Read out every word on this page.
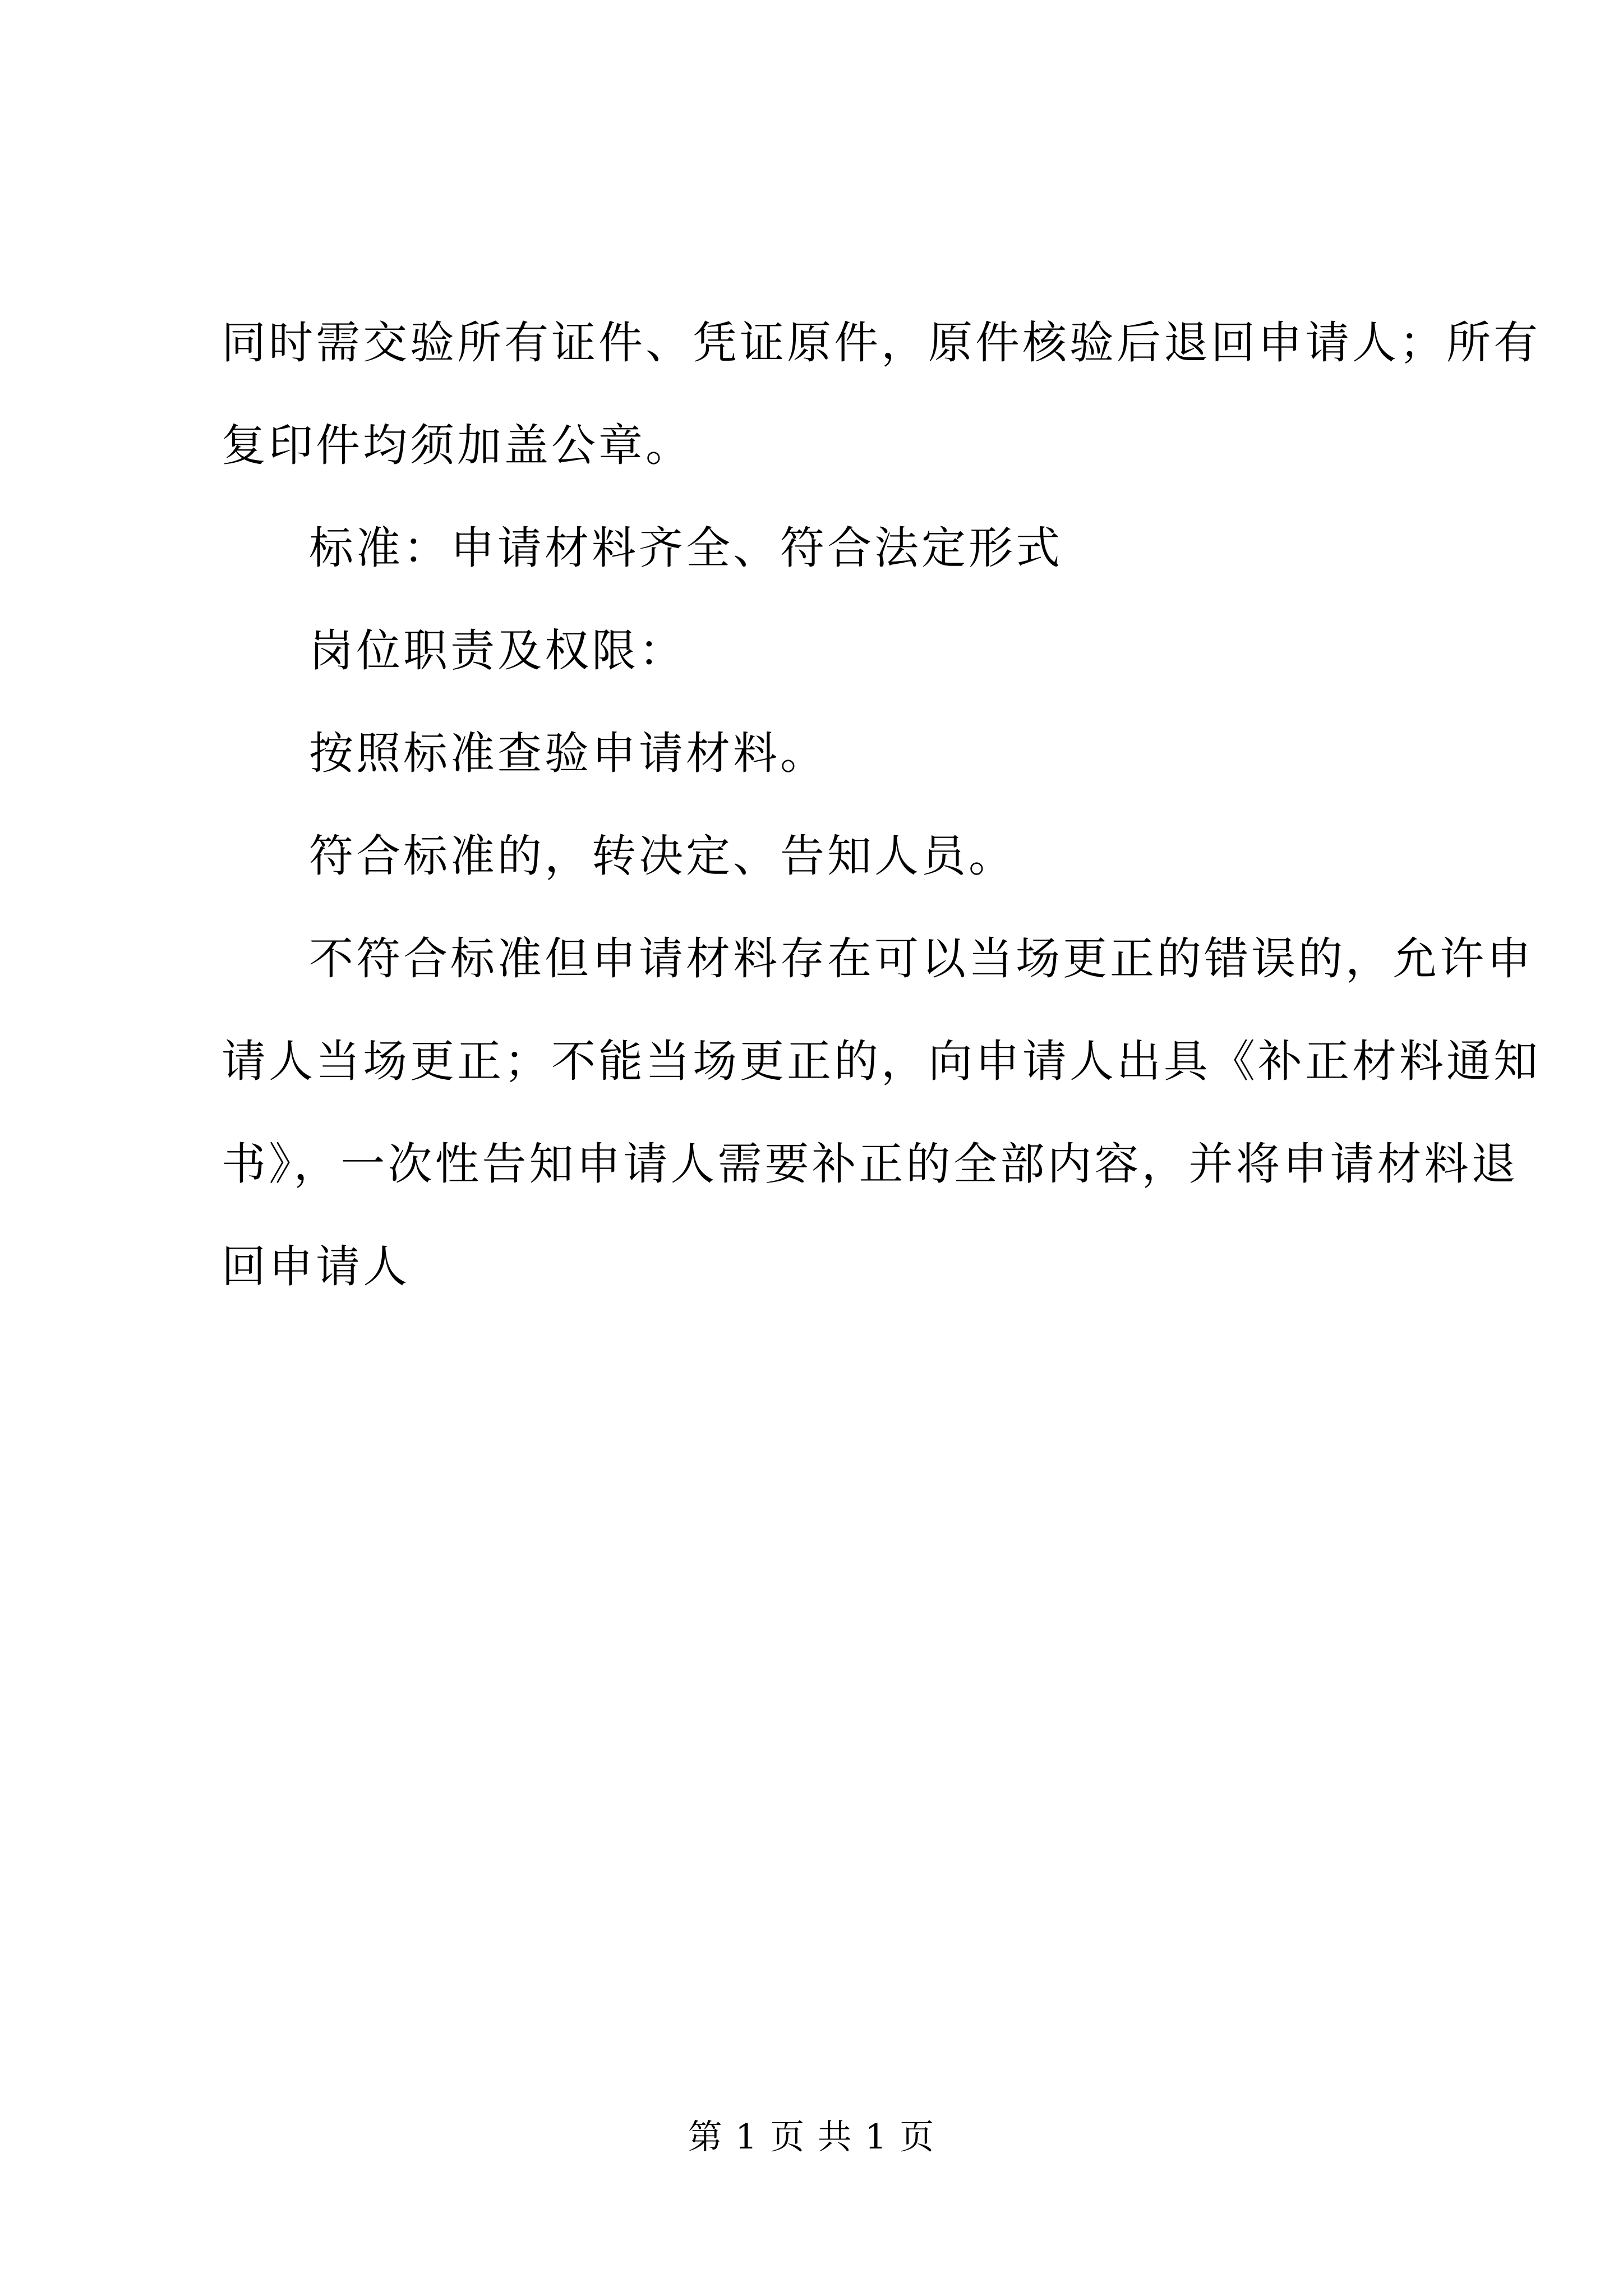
同时需交验所有证件、凭证原件，原件核验后退回申请人；所有
复印件均须加盖公章。

标准：申请材料齐全、符合法定形式

岗位职责及权限：

按照标准查验申请材料。

符合标准的，转决定、告知人员。

不符合标准但申请材料存在可以当场更正的错误的，允许申
请人当场更正；不能当场更正的，向申请人出具《补正材料通知
书》，一次性告知申请人需要补正的全部内容，并将申请材料退
回申请人

第 1 页 共 1 页
